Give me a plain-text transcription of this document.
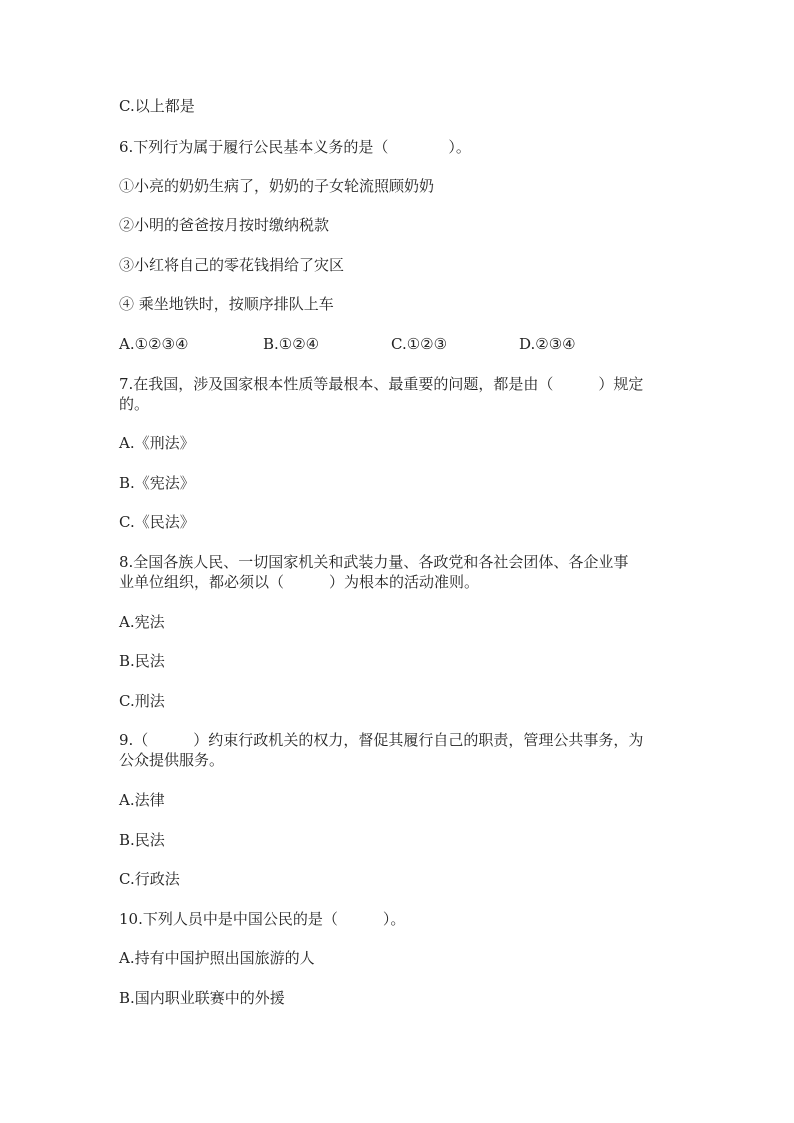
C.以上都是
6.下列行为属于履行公民基本义务的是（　　　　）。
①小亮的奶奶生病了，奶奶的子女轮流照顾奶奶
②小明的爸爸按月按时缴纳税款
③小红将自己的零花钱捐给了灾区
④ 乘坐地铁时，按顺序排队上车
A.①②③④	B.①②④	C.①②③	D.②③④
7.在我国，涉及国家根本性质等最根本、最重要的问题，都是由（　　　）规定
的。
A.《刑法》
B.《宪法》
C.《民法》
8.全国各族人民、一切国家机关和武装力量、各政党和各社会团体、各企业事
业单位组织，都必须以（　　　）为根本的活动准则。
A.宪法
B.民法
C.刑法
9.（　　　）约束行政机关的权力，督促其履行自己的职责，管理公共事务，为
公众提供服务。
A.法律
B.民法
C.行政法
10.下列人员中是中国公民的是（　　　）。
A.持有中国护照出国旅游的人
B.国内职业联赛中的外援
